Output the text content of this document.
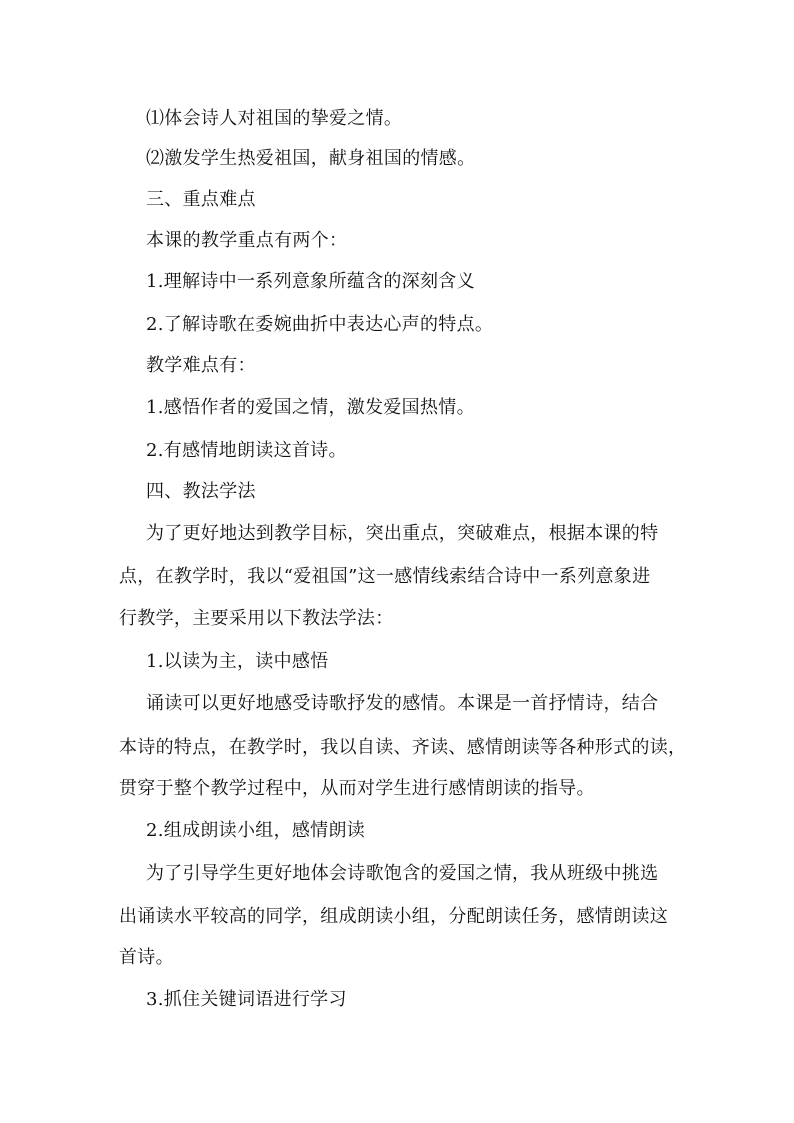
⑴体会诗人对祖国的挚爱之情。
⑵激发学生热爱祖国，献身祖国的情感。
三、重点难点
本课的教学重点有两个：
1.理解诗中一系列意象所蕴含的深刻含义
2.了解诗歌在委婉曲折中表达心声的特点。
教学难点有：
1.感悟作者的爱国之情，激发爱国热情。
2.有感情地朗读这首诗。
四、教法学法
为了更好地达到教学目标，突出重点，突破难点，根据本课的特
点，在教学时，我以“爱祖国”这一感情线索结合诗中一系列意象进
行教学，主要采用以下教法学法：
1.以读为主，读中感悟
诵读可以更好地感受诗歌抒发的感情。本课是一首抒情诗，结合
本诗的特点，在教学时，我以自读、齐读、感情朗读等各种形式的读，
贯穿于整个教学过程中，从而对学生进行感情朗读的指导。
2.组成朗读小组，感情朗读
为了引导学生更好地体会诗歌饱含的爱国之情，我从班级中挑选
出诵读水平较高的同学，组成朗读小组，分配朗读任务，感情朗读这
首诗。
3.抓住关键词语进行学习
